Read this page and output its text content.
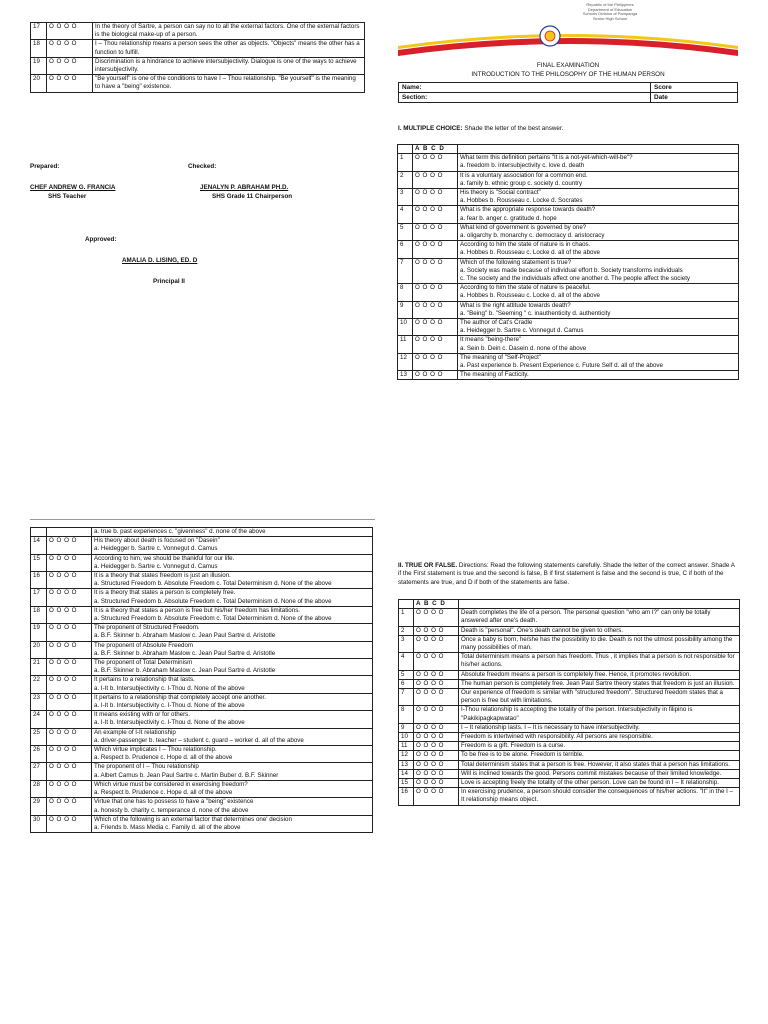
17	O O O O	In the theory of Sartre, a person can say no to all the external factors. One of the external factors is the biological make-up of a person.
18	O O O O	I – Thou relationship means a person sees the other as objects. "Objects" means the other has a function to fulfill.
19	O O O O	Discrimination is a hindrance to achieve intersubjectivity. Dialogue is one of the ways to achieve intersubjectivity.
20	O O O O	"Be yourself" is one of the conditions to have I – Thou relationship. "Be yourself" is the meaning to have a "being" existence.
Prepared:	Checked:
CHEF ANDREW G. FRANCIA
SHS Teacher
JENALYN P. ABRAHAM PH.D.
SHS Grade 11 Chairperson
Approved:
AMALIA D. LISING, ED. D
Principal II
Republic of the Philippines
Department of Education
Schools Division of Pampanga
Senior High School
FINAL EXAMINATION
INTRODUCTION TO THE PHILOSOPHY OF THE HUMAN PERSON
Name:	Score
Section:	Date
I. MULTIPLE CHOICE: Shade the letter of the best answer.
	A B C D	
1	O O O O	What term this definition pertains "It is a not-yet-which-will-be"?
a. freedom b. intersubjectivity c. love d. death
2	O O O O	It is a voluntary association for a common end.
a. family b. ethnic group c. society d. country
3	O O O O	His theory is "Social contract"
a. Hobbes b. Rousseau c. Locke d. Socrates
4	O O O O	What is the appropriate response towards death?
a. fear b. anger c. gratitude d. hope
5	O O O O	What kind of government is governed by one?
a. oligarchy b. monarchy c. democracy d. aristocracy
6	O O O O	According to him the state of nature is in chaos.
a. Hobbes b. Rousseau c. Locke d. all of the above
7	O O O O	Which of the following statement is true?
a. Society was made because of individual effort b. Society transforms individuals
c. The society and the individuals affect one another d. The people affect the society
8	O O O O	According to him the state of nature is peaceful.
a. Hobbes b. Rousseau c. Locke d. all of the above
9	O O O O	What is the right attitude towards death?
a. "Being" b. "Seeming " c. inauthenticity d. authenticity
10	O O O O	The author of Cat's Cradle
a. Heidegger b. Sartre c. Vonnegut d. Camus
11	O O O O	It means "being-there"
a. Sein b. Dein c. Dasein d. none of the above
12	O O O O	The meaning of "Self-Project"
a. Past experience b. Present Experience c. Future Self d. all of the above
13	O O O O	The meaning of Facticity.
		a. true b. past experiences c. "givenness" d. none of the above
14	O O O O	His theory about death is focused on "Dasein"
a. Heidegger b. Sartre c. Vonnegut d. Camus
15	O O O O	According to him, we should be thankful for our life.
a. Heidegger b. Sartre c. Vonnegut d. Camus
16	O O O O	It is a theory that states freedom is just an illusion.
a. Structured Freedom b. Absolute Freedom c. Total Determinism d. None of the above
17	O O O O	It is a theory that states a person is completely free.
a. Structured Freedom b. Absolute Freedom c. Total Determinism d. None of the above
18	O O O O	It is a theory that states a person is free but his/her freedom has limitations.
a. Structured Freedom b. Absolute Freedom c. Total Determinism d. None of the above
19	O O O O	The proponent of Structured Freedom.
a. B.F. Skinner b. Abraham Maslow c. Jean Paul Sartre d. Aristotle
20	O O O O	The proponent of Absolute Freedom
a. B.F. Skinner b. Abraham Maslow c. Jean Paul Sartre d. Aristotle
21	O O O O	The proponent of Total Determinism
a. B.F. Skinner b. Abraham Maslow c. Jean Paul Sartre d. Aristotle
22	O O O O	It pertains to a relationship that lasts.
a. I-It b. Intersubjectivity c. I-Thou d. None of the above
23	O O O O	It pertains to a relationship that completely accept one another.
a. I-It b. Intersubjectivity c. I-Thou d. None of the above
24	O O O O	It means existing with or for others.
a. I-It b. Intersubjectivity c. I-Thou d. None of the above
25	O O O O	An example of I-It relationship
a. driver-passenger b. teacher – student c. guard – worker d. all of the above
26	O O O O	Which virtue implicates I – Thou relationship.
a. Respect b. Prudence c. Hope d. all of the above
27	O O O O	The proponent of I – Thou relationship
a. Albert Camus b. Jean Paul Sartre c. Martin Buber d. B.F. Skinner
28	O O O O	Which virtue must be considered in exercising freedom?
a. Respect b. Prudence c. Hope d. all of the above
29	O O O O	Virtue that one has to possess to have a "being" existence
a. honesty b. charity c. temperance d. none of the above
30	O O O O	Which of the following is an external factor that determines one' decision
a. Friends b. Mass Media c. Family d. all of the above
II. TRUE OR FALSE. Directions: Read the following statements carefully. Shade the letter of the correct answer. Shade A if the First statement is true and the second is false, B if first statement is false and the second is true, C if both of the statements are true, and D if both of the statements are false.
	A B C D	
1	O O O O	Death completes the life of a person. The personal question "who am I?" can only be totally answered after one's death.
2	O O O O	Death is "personal". One's death cannot be given to others.
3	O O O O	Once a baby is born, he/she has the possibility to die. Death is not the utmost possibility among the many possibilities of man.
4	O O O O	Total determinism means a person has freedom. Thus , it implies that a person is not responsible for his/her actions.
5	O O O O	Absolute freedom means a person is completely free. Hence, it promotes revolution.
6	O O O O	The human person is completely free. Jean Paul Sartre theory states that freedom is just an illusion.
7	O O O O	Our experience of freedom is similar with "structured freedom". Structured freedom states that a person is free but with limitations.
8	O O O O	I-Thou relationship is accepting the totality of the person. Intersubjectivity in filipino is "Pakikipagkapwatao"
9	O O O O	I – It relationship lasts. I – It is necessary to have intersubjectivity.
10	O O O O	Freedom is intertwined with responsibility. All persons are responsible.
11	O O O O	Freedom is a gift. Freedom is a curse.
12	O O O O	To be free is to be alone. Freedom is terrible.
13	O O O O	Total determinism states that a person is free. However, it also states that a person has limitations.
14	O O O O	Will is inclined towards the good. Persons commit mistakes because of their limited knowledge.
15	O O O O	Love is accepting freely the totality of the other person. Love can be found in I – It relationship.
16	O O O O	In exercising prudence, a person should consider the consequences of his/her actions. "It" in the I – It relationship means object.
